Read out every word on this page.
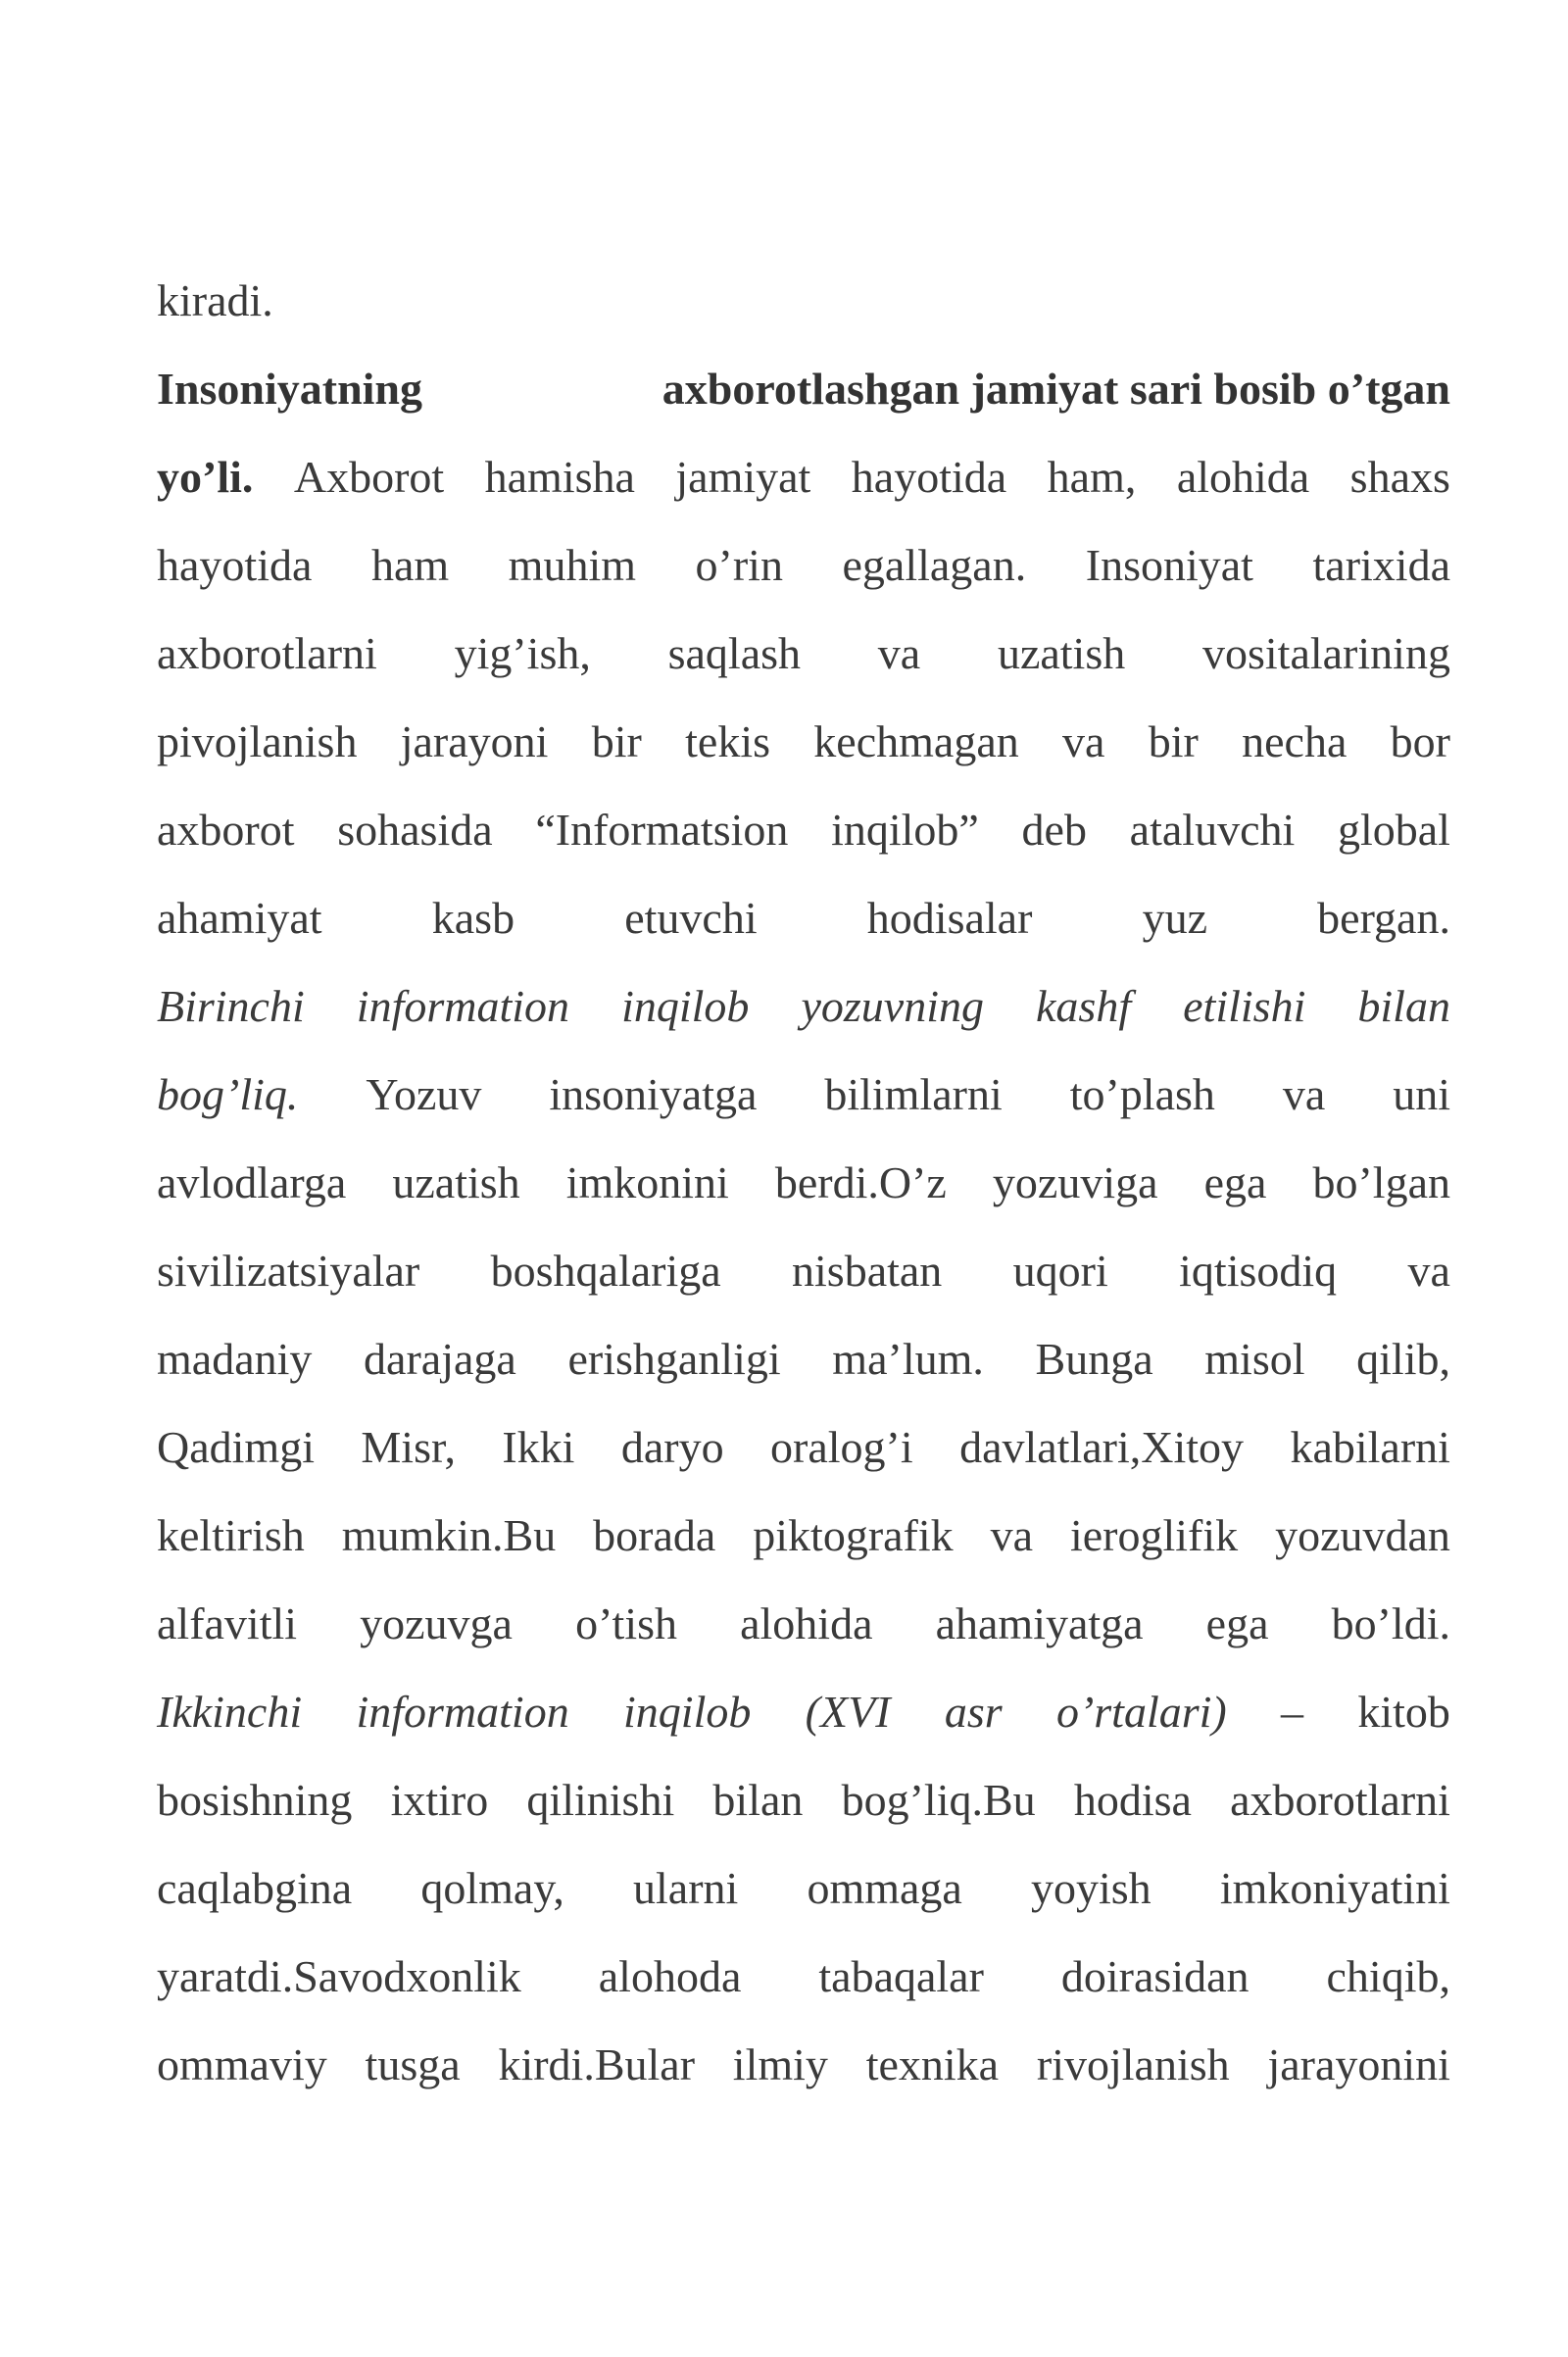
kiradi.
Insoniyatning	axborotlashgan jamiyat sari bosib o’tgan
yo’li. Axborot hamisha jamiyat hayotida ham, alohida shaxs
hayotida ham muhim o’rin egallagan. Insoniyat tarixida
axborotlarni yig’ish, saqlash va uzatish vositalarining
pivojlanish jarayoni bir tekis kechmagan va bir necha bor
axborot sohasida “Informatsion inqilob” deb ataluvchi global
ahamiyat kasb etuvchi hodisalar yuz bergan.
Birinchi information inqilob yozuvning kashf etilishi bilan
bog’liq. Yozuv insoniyatga bilimlarni to’plash va uni
avlodlarga uzatish imkonini berdi.O’z yozuviga ega bo’lgan
sivilizatsiyalar boshqalariga nisbatan uqori iqtisodiq va
madaniy darajaga erishganligi ma’lum. Bunga misol qilib,
Qadimgi Misr, Ikki daryo oralog’i davlatlari,Xitoy kabilarni
keltirish mumkin.Bu borada piktografik va ieroglifik yozuvdan
alfavitli yozuvga o’tish alohida ahamiyatga ega bo’ldi.
Ikkinchi information inqilob (XVI asr o’rtalari) – kitob
bosishning ixtiro qilinishi bilan bog’liq.Bu hodisa axborotlarni
caqlabgina qolmay, ularni ommaga yoyish imkoniyatini
yaratdi.Savodxonlik alohoda tabaqalar doirasidan chiqib,
ommaviy tusga kirdi.Bular ilmiy texnika rivojlanish jarayonini
